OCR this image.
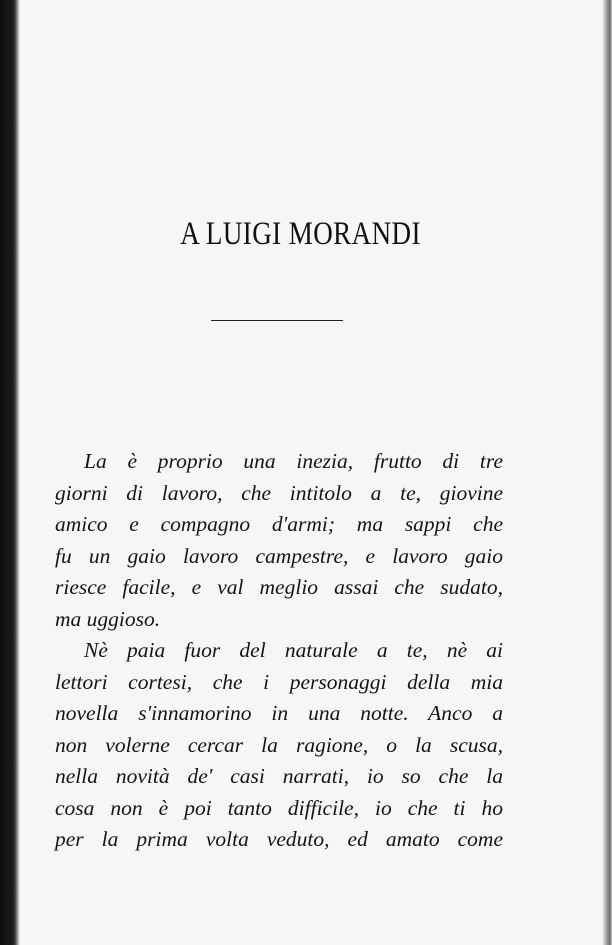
A LUIGI MORANDI
La è proprio una inezia, frutto di tre
giorni di lavoro, che intitolo a te, giovine
amico e compagno d'armi; ma sappi che
fu un gaio lavoro campestre, e lavoro gaio
riesce facile, e val meglio assai che sudato,
ma uggioso.
Nè paia fuor del naturale a te, nè ai
lettori cortesi, che i personaggi della mia
novella s'innamorino in una notte. Anco a
non volerne cercar la ragione, o la scusa,
nella novità de' casi narrati, io so che la
cosa non è poi tanto difficile, io che ti ho
per la prima volta veduto, ed amato come
